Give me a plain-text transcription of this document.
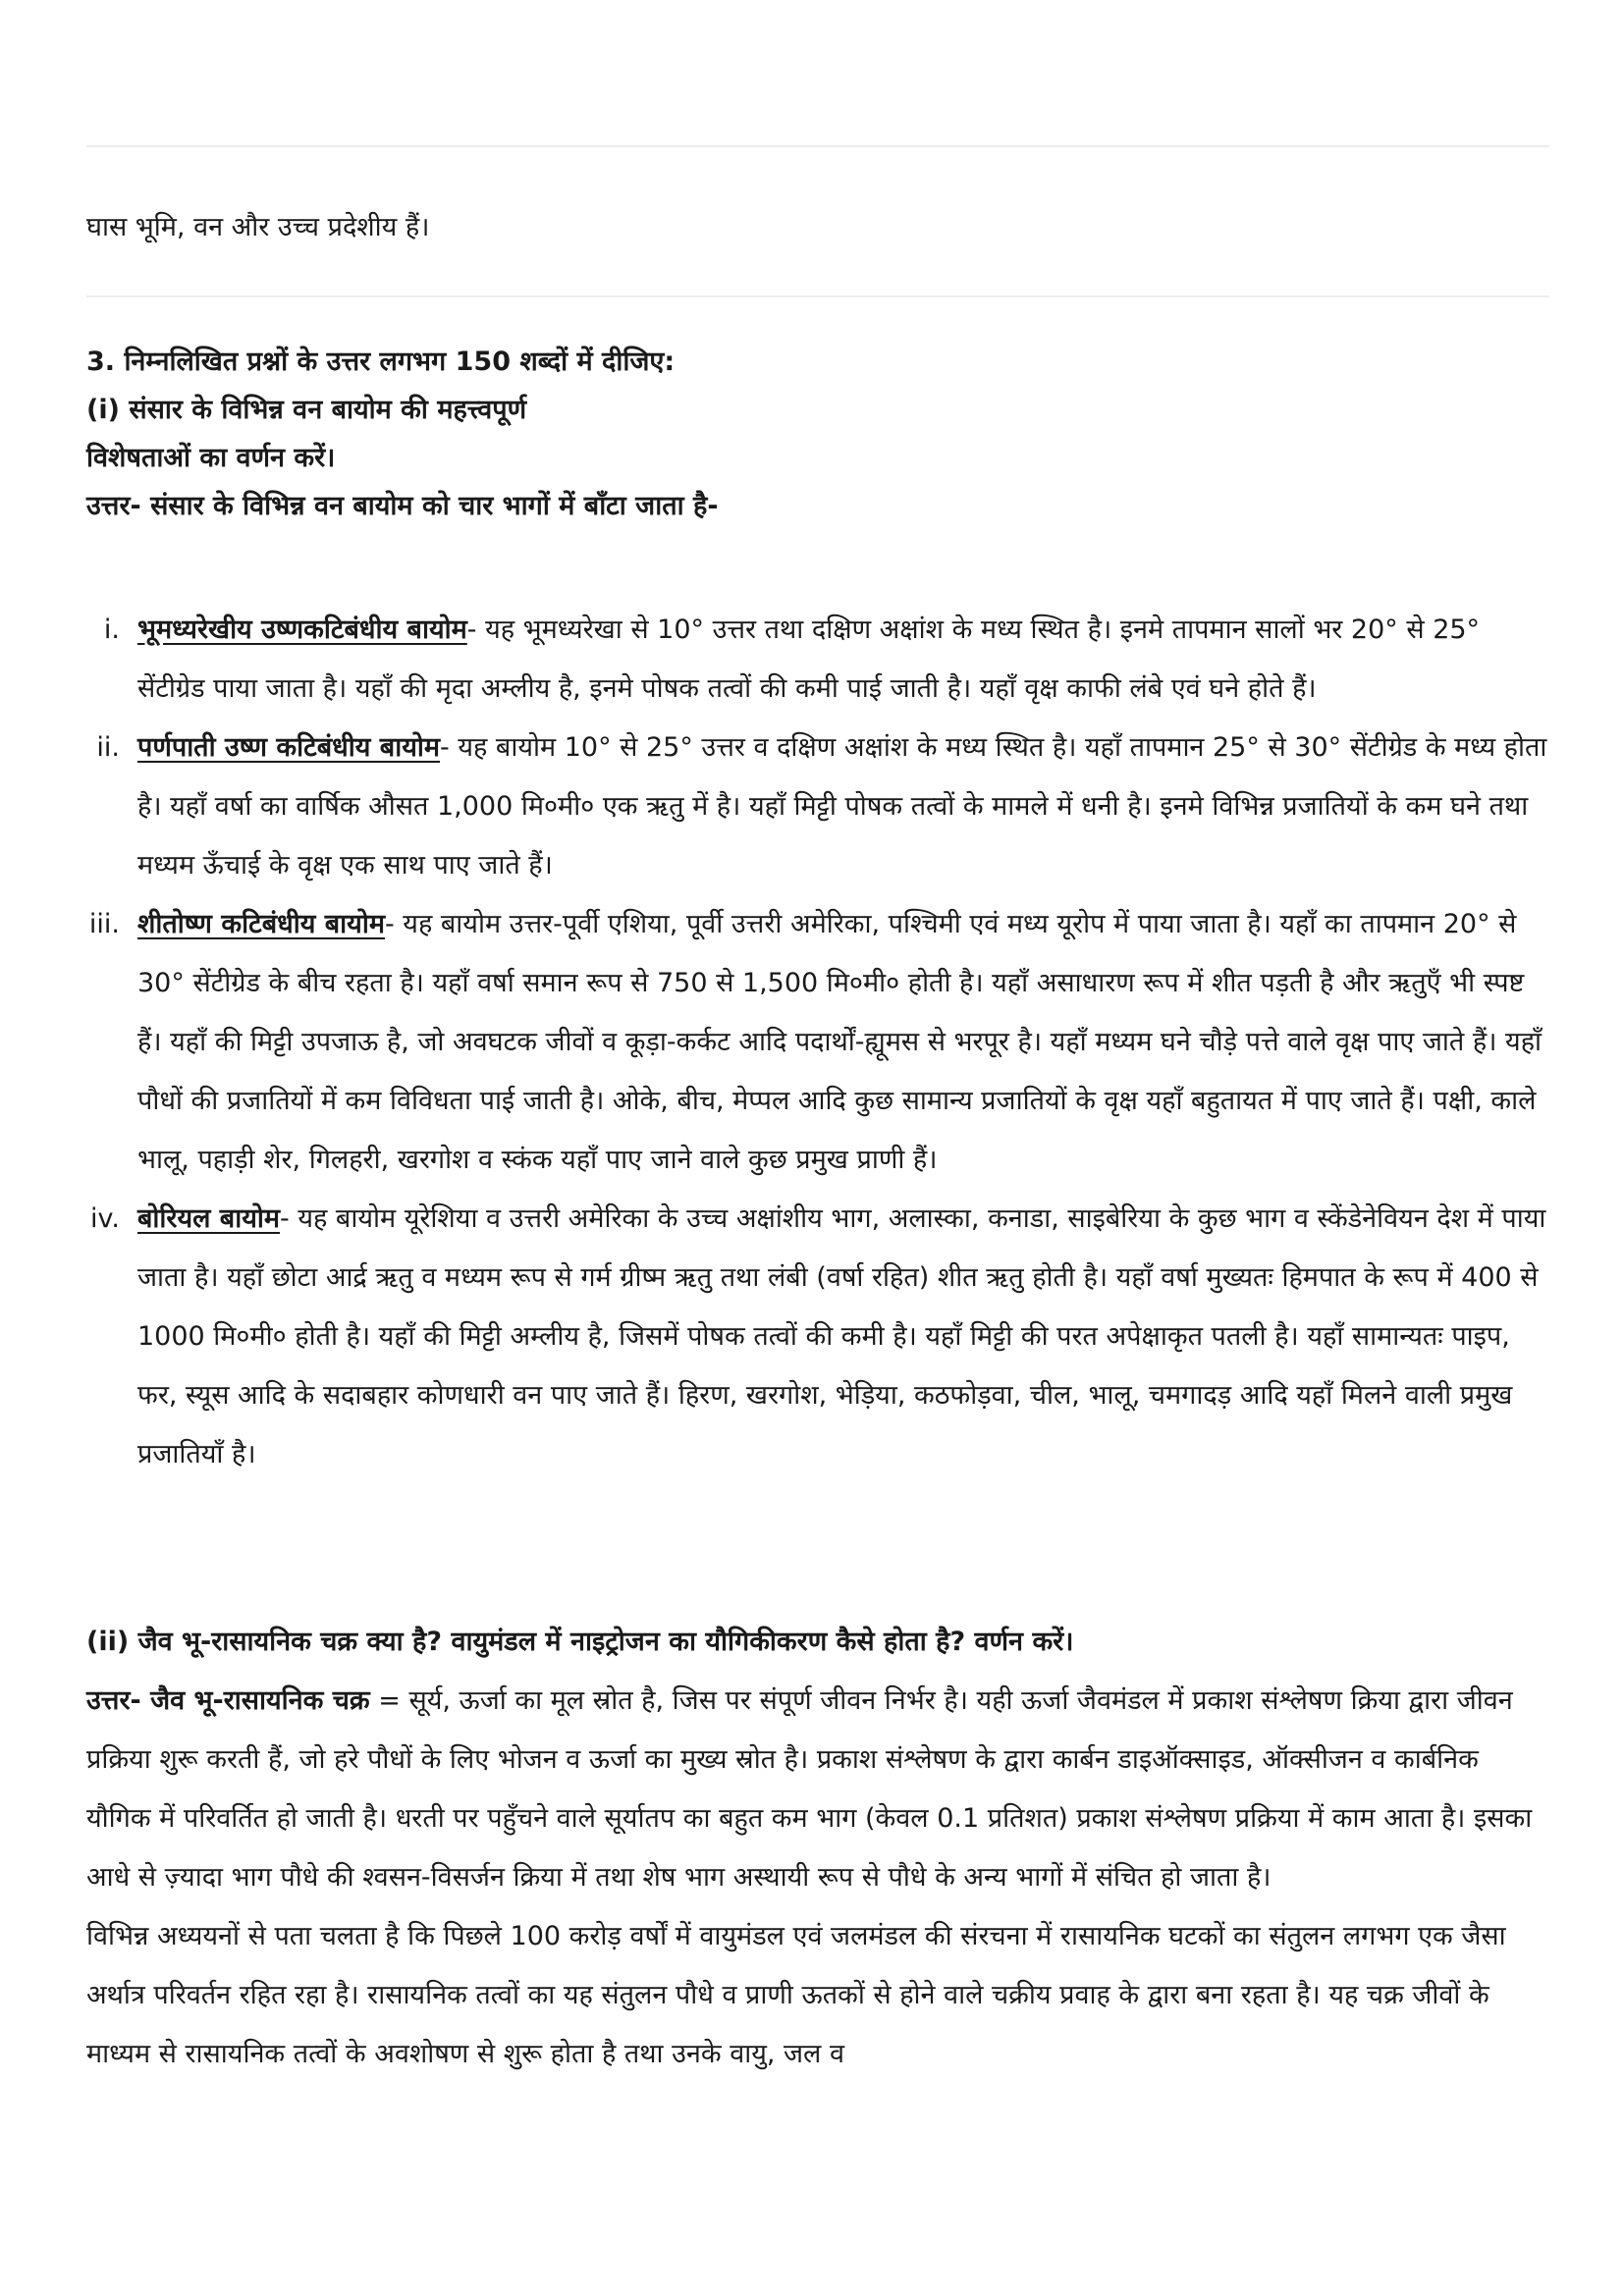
घास भूमि, वन और उच्च प्रदेशीय हैं।
3. निम्नलिखित प्रश्नों के उत्तर लगभग 150 शब्दों में दीजिए:
(i) संसार के विभिन्न वन बायोम की महत्त्वपूर्ण
विशेषताओं का वर्णन करें।
उत्तर- संसार के विभिन्न वन बायोम को चार भागों में बाँटा जाता है-
i. भूमध्यरेखीय उष्णकटिबंधीय बायोम- यह भूमध्यरेखा से 10° उत्तर तथा दक्षिण अक्षांश के मध्य स्थित है। इनमे तापमान सालों भर 20° से 25° सेंटीग्रेड पाया जाता है। यहाँ की मृदा अम्लीय है, इनमे पोषक तत्वों की कमी पाई जाती है। यहाँ वृक्ष काफी लंबे एवं घने होते हैं।
ii. पर्णपाती उष्ण कटिबंधीय बायोम- यह बायोम 10° से 25° उत्तर व दक्षिण अक्षांश के मध्य स्थित है। यहाँ तापमान 25° से 30° सेंटीग्रेड के मध्य होता है। यहाँ वर्षा का वार्षिक औसत 1,000 मि०मी० एक ऋतु में है। यहाँ मिट्टी पोषक तत्वों के मामले में धनी है। इनमे विभिन्न प्रजातियों के कम घने तथा मध्यम ऊँचाई के वृक्ष एक साथ पाए जाते हैं।
iii. शीतोष्ण कटिबंधीय बायोम- यह बायोम उत्तर-पूर्वी एशिया, पूर्वी उत्तरी अमेरिका, पश्चिमी एवं मध्य यूरोप में पाया जाता है। यहाँ का तापमान 20° से 30° सेंटीग्रेड के बीच रहता है। यहाँ वर्षा समान रूप से 750 से 1,500 मि०मी० होती है। यहाँ असाधारण रूप में शीत पड़ती है और ऋतुएँ भी स्पष्ट हैं। यहाँ की मिट्टी उपजाऊ है, जो अवघटक जीवों व कूड़ा-कर्कट आदि पदार्थों-ह्यूमस से भरपूर है। यहाँ मध्यम घने चौड़े पत्ते वाले वृक्ष पाए जाते हैं। यहाँ पौधों की प्रजातियों में कम विविधता पाई जाती है। ओके, बीच, मेप्पल आदि कुछ सामान्य प्रजातियों के वृक्ष यहाँ बहुतायत में पाए जाते हैं। पक्षी, काले भालू, पहाड़ी शेर, गिलहरी, खरगोश व स्कंक यहाँ पाए जाने वाले कुछ प्रमुख प्राणी हैं।
iv. बोरियल बायोम- यह बायोम यूरेशिया व उत्तरी अमेरिका के उच्च अक्षांशीय भाग, अलास्का, कनाडा, साइबेरिया के कुछ भाग व स्केंडेनेवियन देश में पाया जाता है। यहाँ छोटा आर्द्र ऋतु व मध्यम रूप से गर्म ग्रीष्म ऋतु तथा लंबी (वर्षा रहित) शीत ऋतु होती है। यहाँ वर्षा मुख्यतः हिमपात के रूप में 400 से 1000 मि०मी० होती है। यहाँ की मिट्टी अम्लीय है, जिसमें पोषक तत्वों की कमी है। यहाँ मिट्टी की परत अपेक्षाकृत पतली है। यहाँ सामान्यतः पाइप, फर, स्यूस आदि के सदाबहार कोणधारी वन पाए जाते हैं। हिरण, खरगोश, भेड़िया, कठफोड़वा, चील, भालू, चमगादड़ आदि यहाँ मिलने वाली प्रमुख प्रजातियाँ है।

(ii) जैव भू-रासायनिक चक्र क्या है? वायुमंडल में नाइट्रोजन का यौगिकीकरण कैसे होता है? वर्णन करें।

उत्तर- जैव भू-रासायनिक चक्र = सूर्य, ऊर्जा का मूल स्रोत है, जिस पर संपूर्ण जीवन निर्भर है। यही ऊर्जा जैवमंडल में प्रकाश संश्लेषण क्रिया द्वारा जीवन प्रक्रिया शुरू करती हैं, जो हरे पौधों के लिए भोजन व ऊर्जा का मुख्य स्रोत है। प्रकाश संश्लेषण के द्वारा कार्बन डाइऑक्साइड, ऑक्सीजन व कार्बनिक यौगिक में परिवर्तित हो जाती है। धरती पर पहुँचने वाले सूर्यातप का बहुत कम भाग (केवल 0.1 प्रतिशत) प्रकाश संश्लेषण प्रक्रिया में काम आता है। इसका आधे से ज़्यादा भाग पौधे की श्वसन-विसर्जन क्रिया में तथा शेष भाग अस्थायी रूप से पौधे के अन्य भागों में संचित हो जाता है।

विभिन्न अध्ययनों से पता चलता है कि पिछले 100 करोड़ वर्षों में वायुमंडल एवं जलमंडल की संरचना में रासायनिक घटकों का संतुलन लगभग एक जैसा अर्थात्र परिवर्तन रहित रहा है। रासायनिक तत्वों का यह संतुलन पौधे व प्राणी ऊतकों से होने वाले चक्रीय प्रवाह के द्वारा बना रहता है। यह चक्र जीवों के माध्यम से रासायनिक तत्वों के अवशोषण से शुरू होता है तथा उनके वायु, जल व
